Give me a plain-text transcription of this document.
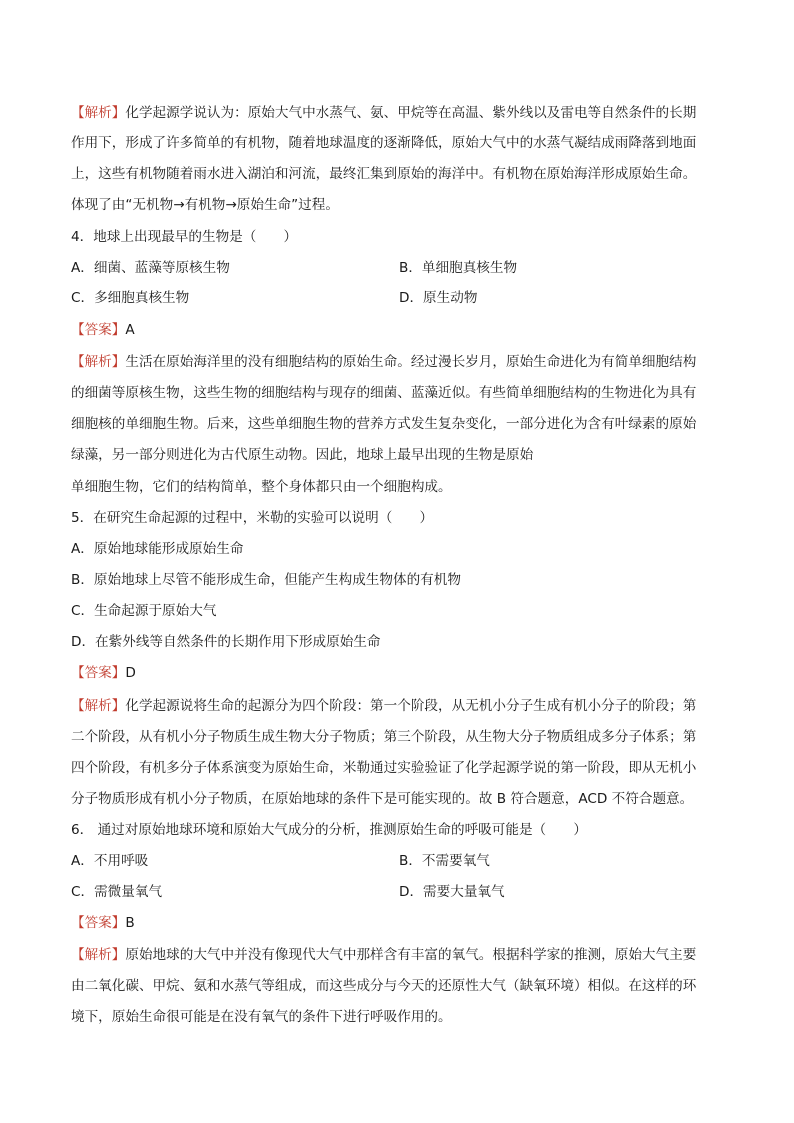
【解析】化学起源学说认为：原始大气中水蒸气、氨、甲烷等在高温、紫外线以及雷电等自然条件的长期
作用下，形成了许多简单的有机物，随着地球温度的逐渐降低，原始大气中的水蒸气凝结成雨降落到地面
上，这些有机物随着雨水进入湖泊和河流，最终汇集到原始的海洋中。有机物在原始海洋形成原始生命。
体现了由“无机物→有机物→原始生命”过程。
4．地球上出现最早的生物是（　　）
A．细菌、蓝藻等原核生物	B．单细胞真核生物
C．多细胞真核生物	D．原生动物
【答案】A
【解析】生活在原始海洋里的没有细胞结构的原始生命。经过漫长岁月，原始生命进化为有简单细胞结构
的细菌等原核生物，这些生物的细胞结构与现存的细菌、蓝藻近似。有些简单细胞结构的生物进化为具有
细胞核的单细胞生物。后来，这些单细胞生物的营养方式发生复杂变化，一部分进化为含有叶绿素的原始
绿藻，另一部分则进化为古代原生动物。因此，地球上最早出现的生物是原始
单细胞生物，它们的结构简单，整个身体都只由一个细胞构成。
5．在研究生命起源的过程中，米勒的实验可以说明（　　）
A．原始地球能形成原始生命
B．原始地球上尽管不能形成生命，但能产生构成生物体的有机物
C．生命起源于原始大气
D．在紫外线等自然条件的长期作用下形成原始生命
【答案】D
【解析】化学起源说将生命的起源分为四个阶段：第一个阶段，从无机小分子生成有机小分子的阶段；第
二个阶段，从有机小分子物质生成生物大分子物质；第三个阶段，从生物大分子物质组成多分子体系；第
四个阶段，有机多分子体系演变为原始生命，米勒通过实验验证了化学起源学说的第一阶段，即从无机小
分子物质形成有机小分子物质，在原始地球的条件下是可能实现的。故 B 符合题意，ACD 不符合题意。
6． 通过对原始地球环境和原始大气成分的分析，推测原始生命的呼吸可能是（　　）
A．不用呼吸	B．不需要氧气
C．需微量氧气	D．需要大量氧气
【答案】B
【解析】原始地球的大气中并没有像现代大气中那样含有丰富的氧气。根据科学家的推测，原始大气主要
由二氧化碳、甲烷、氨和水蒸气等组成，而这些成分与今天的还原性大气（缺氧环境）相似。在这样的环
境下，原始生命很可能是在没有氧气的条件下进行呼吸作用的。
